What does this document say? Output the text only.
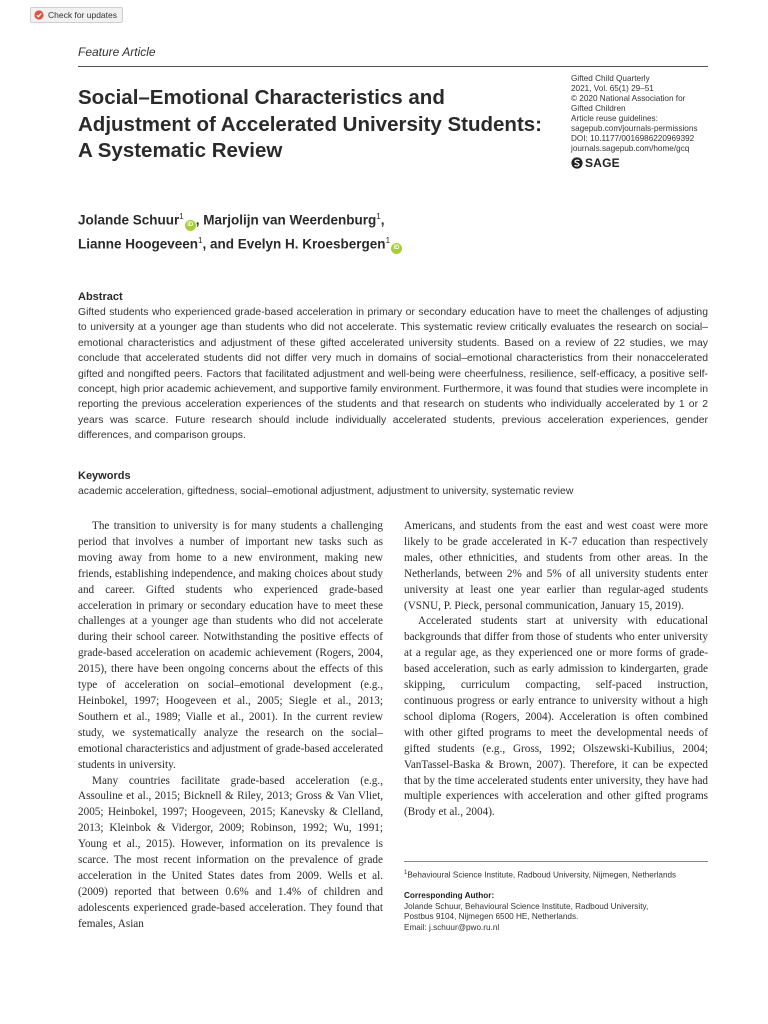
Check for updates
Feature Article
Social–Emotional Characteristics and Adjustment of Accelerated University Students: A Systematic Review
Gifted Child Quarterly
2021, Vol. 65(1) 29–51
© 2020 National Association for
Gifted Children
Article reuse guidelines:
sagepub.com/journals-permissions
DOI: 10.1177/0016986220969392
journals.sagepub.com/home/gcq
SAGE
Jolande Schuur$^1$iD , Marjolijn van Weerdenburg$^1$,
Lianne Hoogeveen$^1$, and Evelyn H. Kroesbergen$^1$iD
Abstract

Gifted students who experienced grade-based acceleration in primary or secondary education have to meet the challenges of adjusting to university at a younger age than students who did not accelerate. This systematic review critically evaluates the research on social–emotional characteristics and adjustment of these gifted accelerated university students. Based on a review of 22 studies, we may conclude that accelerated students did not differ very much in domains of social–emotional characteristics from their nonaccelerated gifted and nongifted peers. Factors that facilitated adjustment and well-being were cheerfulness, resilience, self-efficacy, a positive self-concept, high prior academic achievement, and supportive family environment. Furthermore, it was found that studies were incomplete in reporting the previous acceleration experiences of the students and that research on students who individually accelerated by 1 or 2 years was scarce. Future research should include individually accelerated students, previous acceleration experiences, gender differences, and comparison groups.

Keywords

academic acceleration, giftedness, social–emotional adjustment, adjustment to university, systematic review

The transition to university is for many students a challenging period that involves a number of important new tasks such as moving away from home to a new environment, making new friends, establishing independence, and making choices about study and career. Gifted students who experienced grade-based acceleration in primary or secondary education have to meet these challenges at a younger age than students who did not accelerate during their school career. Notwithstanding the positive effects of grade-based acceleration on academic achievement (Rogers, 2004, 2015), there have been ongoing concerns about the effects of this type of acceleration on social–emotional development (e.g., Heinbokel, 1997; Hoogeveen et al., 2005; Siegle et al., 2013; Southern et al., 1989; Vialle et al., 2001). In the current review study, we systematically analyze the research on the social–emotional characteristics and adjustment of grade-based accelerated students in university.

Many countries facilitate grade-based acceleration (e.g., Assouline et al., 2015; Bicknell & Riley, 2013; Gross & Van Vliet, 2005; Heinbokel, 1997; Hoogeveen, 2015; Kanevsky & Clelland, 2013; Kleinbok & Vidergor, 2009; Robinson, 1992; Wu, 1991; Young et al., 2015). However, information on its prevalence is scarce. The most recent information on the prevalence of grade acceleration in the United States dates from 2009. Wells et al. (2009) reported that between 0.6% and 1.4% of children and adolescents experienced grade-based acceleration. They found that females, Asian

Americans, and students from the east and west coast were more likely to be grade accelerated in K-7 education than respectively males, other ethnicities, and students from other areas. In the Netherlands, between 2% and 5% of all university students enter university at least one year earlier than regular-aged students (VSNU, P. Pieck, personal communication, January 15, 2019).

Accelerated students start at university with educational backgrounds that differ from those of students who enter university at a regular age, as they experienced one or more forms of grade-based acceleration, such as early admission to kindergarten, grade skipping, curriculum compacting, self-paced instruction, continuous progress or early entrance to university without a high school diploma (Rogers, 2004). Acceleration is often combined with other gifted programs to meet the developmental needs of gifted students (e.g., Gross, 1992; Olszewski-Kubilius, 2004; VanTassel-Baska & Brown, 2007). Therefore, it can be expected that by the time accelerated students enter university, they have had multiple experiences with acceleration and other gifted programs (Brody et al., 2004).

$^1$Behavioural Science Institute, Radboud University, Nijmegen, Netherlands
Corresponding Author:
Jolande Schuur, Behavioural Science Institute, Radboud University,
Postbus 9104, Nijmegen 6500 HE, Netherlands.
Email: j.schuur@pwo.ru.nl
